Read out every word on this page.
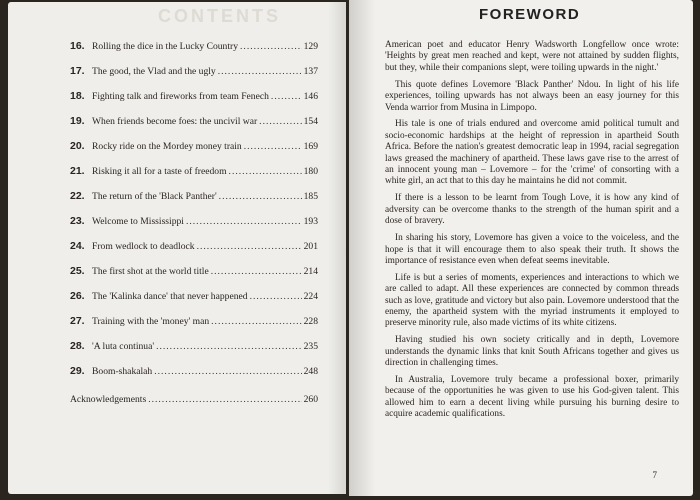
CONTENTS
16. Rolling the dice in the Lucky Country .....	129
17. The good, the Vlad and the ugly .....	137
18. Fighting talk and fireworks from team Fenech .....	146
19. When friends become foes: the uncivil war .....	154
20. Rocky ride on the Mordey money train .....	169
21. Risking it all for a taste of freedom .....	180
22. The return of the 'Black Panther' .....	185
23. Welcome to Mississippi .....	193
24. From wedlock to deadlock .....	201
25. The first shot at the world title .....	214
26. The 'Kalinka dance' that never happened .....	224
27. Training with the 'money' man .....	228
28. 'A luta continua' .....	235
29. Boom-shakalah .....	248
Acknowledgements .....	260
FOREWORD

American poet and educator Henry Wadsworth Longfellow once wrote: 'Heights by great men reached and kept, were not attained by sudden flights, but they, while their companions slept, were toiling upwards in the night.'

This quote defines Lovemore 'Black Panther' Ndou. In light of his life experiences, toiling upwards has not always been an easy journey for this Venda warrior from Musina in Limpopo.

His tale is one of trials endured and overcome amid political tumult and socio-economic hardships at the height of repression in apartheid South Africa. Before the nation's greatest democratic leap in 1994, racial segregation laws greased the machinery of apartheid. These laws gave rise to the arrest of an innocent young man – Lovemore – for the 'crime' of consorting with a white girl, an act that to this day he maintains he did not commit.

If there is a lesson to be learnt from Tough Love, it is how any kind of adversity can be overcome thanks to the strength of the human spirit and a dose of bravery.

In sharing his story, Lovemore has given a voice to the voiceless, and the hope is that it will encourage them to also speak their truth. It shows the importance of resistance even when defeat seems inevitable.

Life is but a series of moments, experiences and interactions to which we are called to adapt. All these experiences are connected by common threads such as love, gratitude and victory but also pain. Lovemore understood that the enemy, the apartheid system with the myriad instruments it employed to preserve minority rule, also made victims of its white citizens.

Having studied his own society critically and in depth, Lovemore understands the dynamic links that knit South Africans together and gives us direction in challenging times.

In Australia, Lovemore truly became a professional boxer, primarily because of the opportunities he was given to use his God-given talent. This allowed him to earn a decent living while pursuing his burning desire to acquire academic qualifications.

7
